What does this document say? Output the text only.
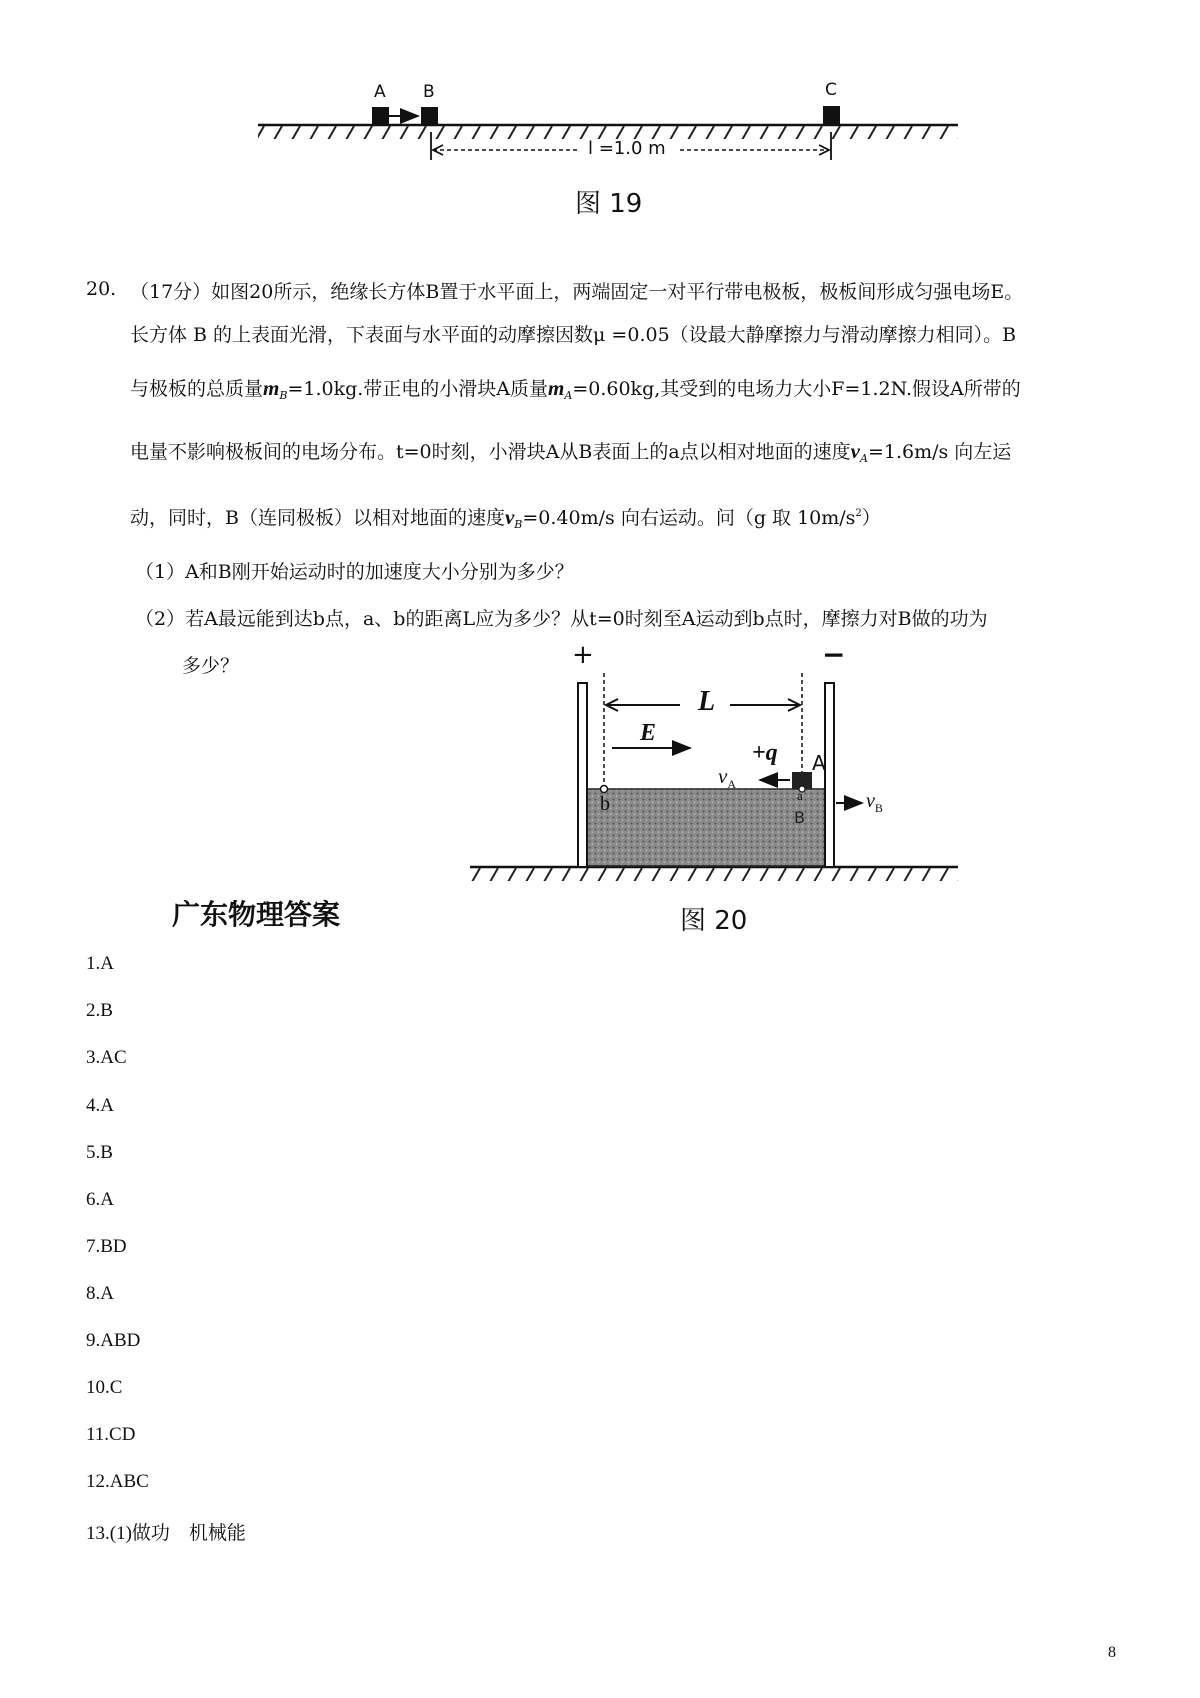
A B	C
l =1.0 m
图 19
20. （17分）如图20所示，绝缘长方体B置于水平面上，两端固定一对平行带电极板，极板间形成匀强电场E。
长方体 B 的上表面光滑，下表面与水平面的动摩擦因数μ =0.05（设最大静摩擦力与滑动摩擦力相同）。B
与极板的总质量$m_B=1.0kg$.带正电的小滑块A质量$m_A=0.60kg$,其受到的电场力大小F=1.2N.假设A所带的
电量不影响极板间的电场分布。t=0时刻，小滑块A从B表面上的a点以相对地面的速度$v_A=1.6m/s$ 向左运
动，同时，B（连同极板）以相对地面的速度$v_B=0.40m/s$ 向右运动。问（g 取 $10m/s^2$）
（1）A和B刚开始运动时的加速度大小分别为多少？
（2）若A最远能到达b点，a、b的距离L应为多少？从t=0时刻至A运动到b点时，摩擦力对B做的功为
多少？	+	−
L
E
+q
$v_A$
A
b	a
B
$v_B$
图 20
广东物理答案
1.A
2.B
3.AC
4.A
5.B
6.A
7.BD
8.A
9.ABD
10.C
11.CD
12.ABC
13.(1)做功　机械能
8
